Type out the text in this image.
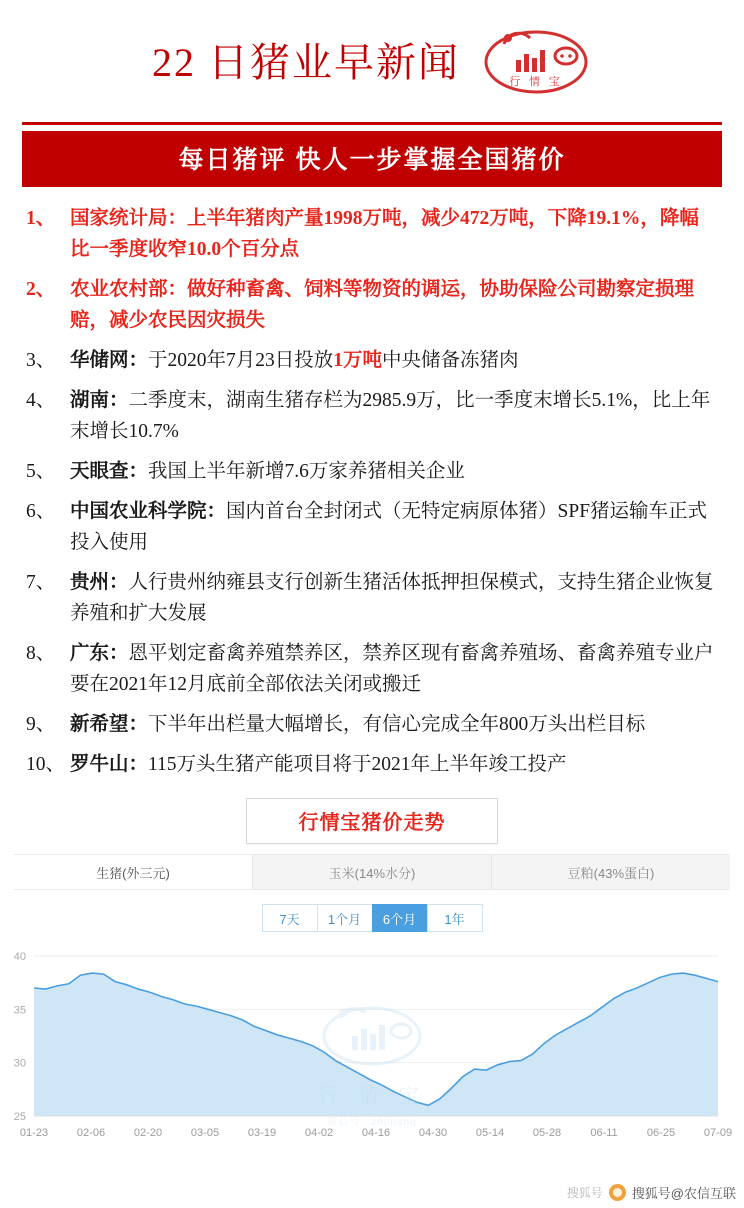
22 日猪业早新闻	行 情 宝
每日猪评 快人一步掌握全国猪价
1、 国家统计局：上半年猪肉产量1998万吨，减少472万吨，下降19.1%，降幅比一季度收窄10.0个百分点
2、 农业农村部：做好种畜禽、饲料等物资的调运，协助保险公司勘察定损理赔，减少农民因灾损失
3、 华储网：于2020年7月23日投放1万吨中央储备冻猪肉
4、 湖南：二季度末，湖南生猪存栏为2985.9万，比一季度末增长5.1%，比上年末增长10.7%
5、 天眼查：我国上半年新增7.6万家养猪相关企业
6、 中国农业科学院：国内首台全封闭式（无特定病原体猪）SPF猪运输车正式投入使用
7、 贵州：人行贵州纳雍县支行创新生猪活体抵押担保模式，支持生猪企业恢复养殖和扩大发展
8、 广东：恩平划定畜禽养殖禁养区，禁养区现有畜禽养殖场、畜禽养殖专业户要在2021年12月底前全部依法关闭或搬迁
9、 新希望：下半年出栏量大幅增长，有信心完成全年800万头出栏目标
10、 罗牛山：115万头生猪产能项目将于2021年上半年竣工投产
行情宝猪价走势
生猪(外三元)	玉米(14%水分)	豆粕(43%蛋白)
7天	1个月	6个月	1年
25
30
35
40
01-23	02-06	02-20	03-05	03-19	04-02	04-16	04-30	05-14	05-28	06-11	06-25	07-09
行 情 宝
微信号：zhujiahq
搜狐号 搜狐号@农信互联
